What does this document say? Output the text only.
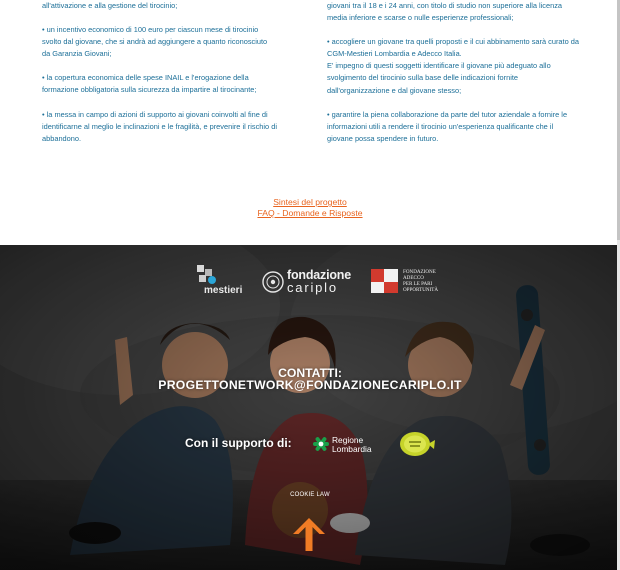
all'attivazione e alla gestione del tirocinio;

• un incentivo economico di 100 euro per ciascun mese di tirocinio svolto dal giovane, che si andrà ad aggiungere a quanto riconosciuto da Garanzia Giovani;

• la copertura economica delle spese INAIL e l'erogazione della formazione obbligatoria sulla sicurezza da impartire al tirocinante;

• la messa in campo di azioni di supporto ai giovani coinvolti al fine di identificarne al meglio le inclinazioni e le fragilità, e prevenire il rischio di abbandono.

giovani tra il 18 e i 24 anni, con titolo di studio non superiore alla licenza media inferiore e scarse o nulle esperienze professionali;

• accogliere un giovane tra quelli proposti e il cui abbinamento sarà curato da CGM-Mestieri Lombardia e Adecco Italia.

E' impegno di questi soggetti identificare il giovane più adeguato allo svolgimento del tirocinio sulla base delle indicazioni fornite dall'organizzazione e dal giovane stesso;

• garantire la piena collaborazione da parte del tutor aziendale a fornire le informazioni utili a rendere il tirocinio un'esperienza qualificante che il giovane possa spendere in futuro.

Sintesi del progetto
FAQ - Domande e Risposte
mestieri
fondazione
cariplo
FONDAZIONE
ADECCO
PER LE PARI
OPPORTUNITÀ
CONTATTI:
PROGETTONETWORK@FONDAZIONECARIPLO.IT
Con il supporto di:	Regione
Lombardia
COOKIE LAW
